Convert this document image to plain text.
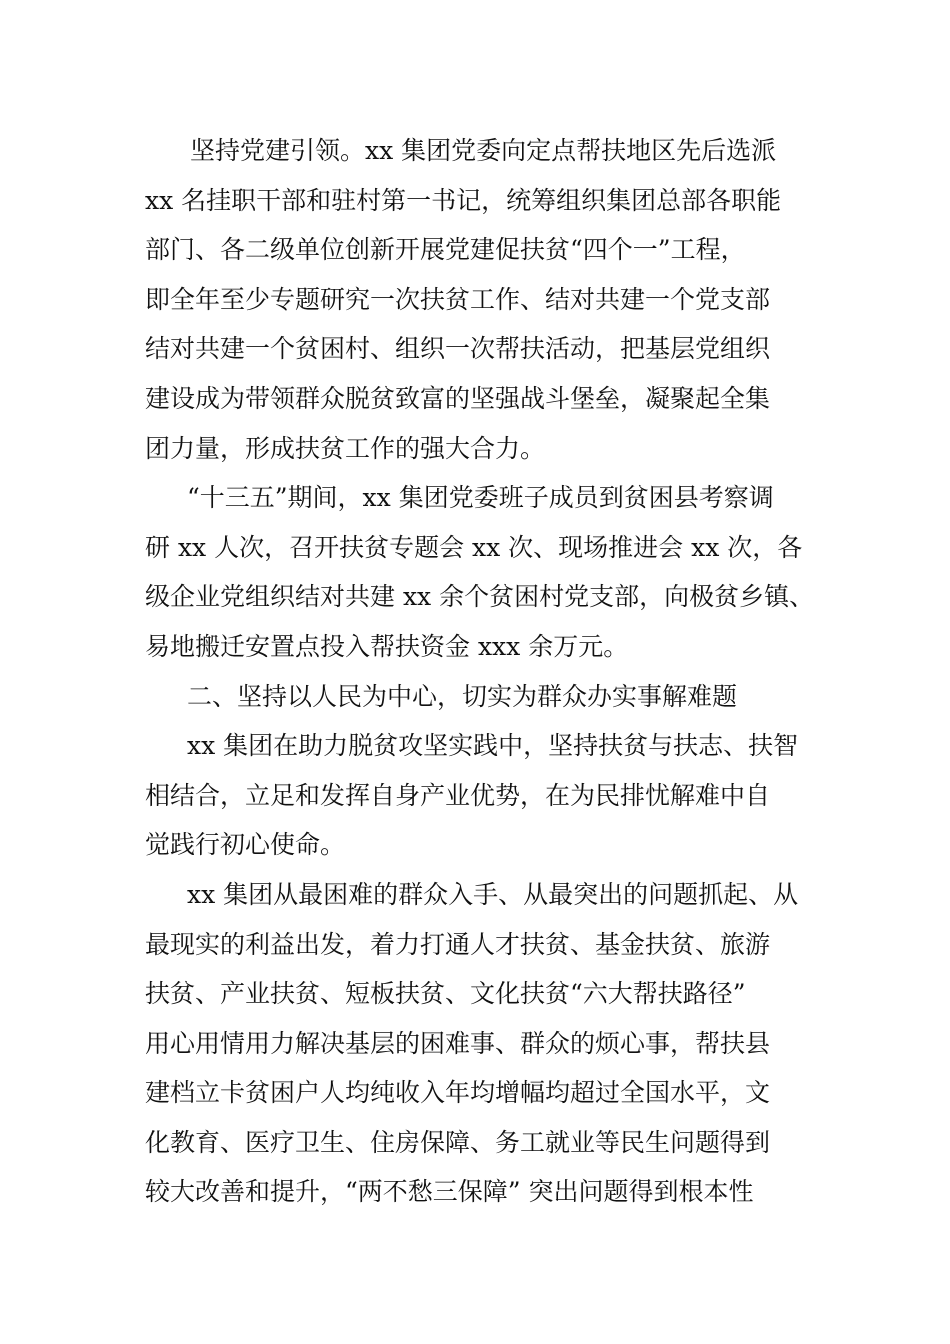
坚持党建引领。xx 集团党委向定点帮扶地区先后选派
xx 名挂职干部和驻村第一书记，统筹组织集团总部各职能
部门、各二级单位创新开展党建促扶贫“四个一”工程，
即全年至少专题研究一次扶贫工作、结对共建一个党支部
结对共建一个贫困村、组织一次帮扶活动，把基层党组织
建设成为带领群众脱贫致富的坚强战斗堡垒，凝聚起全集
团力量，形成扶贫工作的强大合力。
“十三五”期间，xx 集团党委班子成员到贫困县考察调
研 xx 人次，召开扶贫专题会 xx 次、现场推进会 xx 次，各
级企业党组织结对共建 xx 余个贫困村党支部，向极贫乡镇、
易地搬迁安置点投入帮扶资金 xxx 余万元。
二、坚持以人民为中心，切实为群众办实事解难题
xx 集团在助力脱贫攻坚实践中，坚持扶贫与扶志、扶智
相结合，立足和发挥自身产业优势，在为民排忧解难中自
觉践行初心使命。
xx 集团从最困难的群众入手、从最突出的问题抓起、从
最现实的利益出发，着力打通人才扶贫、基金扶贫、旅游
扶贫、产业扶贫、短板扶贫、文化扶贫“六大帮扶路径”
用心用情用力解决基层的困难事、群众的烦心事，帮扶县
建档立卡贫困户人均纯收入年均增幅均超过全国水平，文
化教育、医疗卫生、住房保障、务工就业等民生问题得到
较大改善和提升，“两不愁三保障” 突出问题得到根本性
